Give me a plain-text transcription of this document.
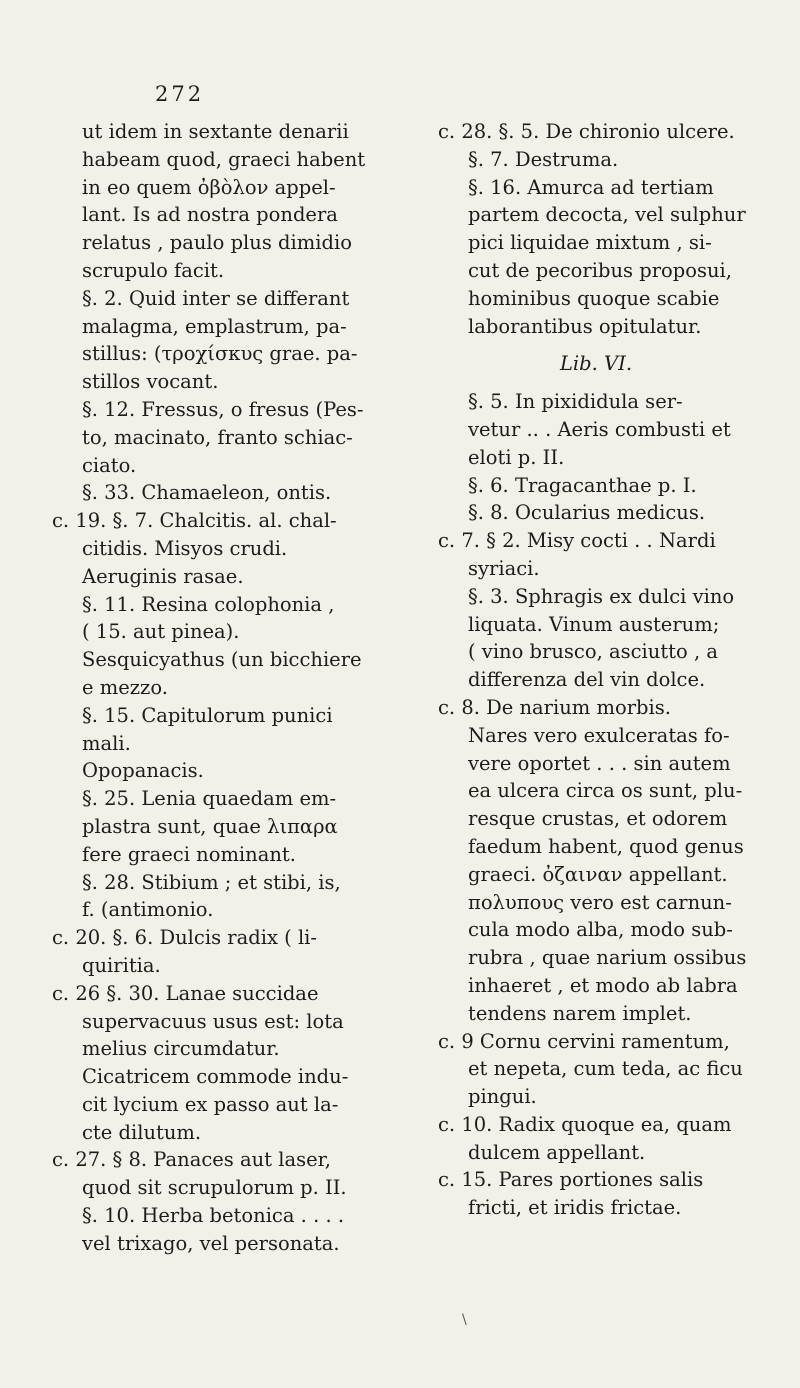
272
ut idem in sextante denarii
habeam quod, graeci habent
in eo quem ὀβὸλον appel-
lant. Is ad nostra pondera
relatus , paulo plus dimidio
scrupulo facit.
§. 2. Quid inter se differant
malagma, emplastrum, pa-
stillus: (τροχίσκυς grae. pa-
stillos vocant.
§. 12. Fressus, o fresus (Pes-
to, macinato, franto schiac-
ciato.
§. 33. Chamaeleon, ontis.
c. 19. §. 7. Chalcitis. al. chal-
citidis. Misyos crudi.
Aeruginis rasae.
§. 11. Resina colophonia ,
( 15. aut pinea).
Sesquicyathus (un bicchiere
e mezzo.
§. 15. Capitulorum punici
mali.
Opopanacis.
§. 25. Lenia quaedam em-
plastra sunt, quae λιπαρα
fere graeci nominant.
§. 28. Stibium ; et stibi, is,
f. (antimonio.
c. 20. §. 6. Dulcis radix ( li-
quiritia.
c. 26 §. 30. Lanae succidae
supervacuus usus est: lota
melius circumdatur.
Cicatricem commode indu-
cit lycium ex passo aut la-
cte dilutum.
c. 27. § 8. Panaces aut laser,
quod sit scrupulorum p. II.
§. 10. Herba betonica . . . .
vel trixago, vel personata.
c. 28. §. 5. De chironio ulcere.
§. 7. Destruma.
§. 16. Amurca ad tertiam
partem decocta, vel sulphur
pici liquidae mixtum , si-
cut de pecoribus proposui,
hominibus quoque scabie
laborantibus opitulatur.
Lib. VI.
§. 5. In pixididula ser-
vetur .. . Aeris combusti et
eloti p. II.
§. 6. Tragacanthae p. I.
§. 8. Ocularius medicus.
c. 7. § 2. Misy cocti . . Nardi
syriaci.
§. 3. Sphragis ex dulci vino
liquata. Vinum austerum;
( vino brusco, asciutto , a
differenza del vin dolce.
c. 8. De narium morbis.
Nares vero exulceratas fo-
vere oportet . . . sin autem
ea ulcera circa os sunt, plu-
resque crustas, et odorem
faedum habent, quod genus
graeci. ὀζαιναν appellant.
πολυπους vero est carnun-
cula modo alba, modo sub-
rubra , quae narium ossibus
inhaeret , et modo ab labra
tendens narem implet.
c. 9 Cornu cervini ramentum,
et nepeta, cum teda, ac ficu
pingui.
c. 10. Radix quoque ea, quam
dulcem appellant.
c. 15. Pares portiones salis
fricti, et iridis frictae.
\
